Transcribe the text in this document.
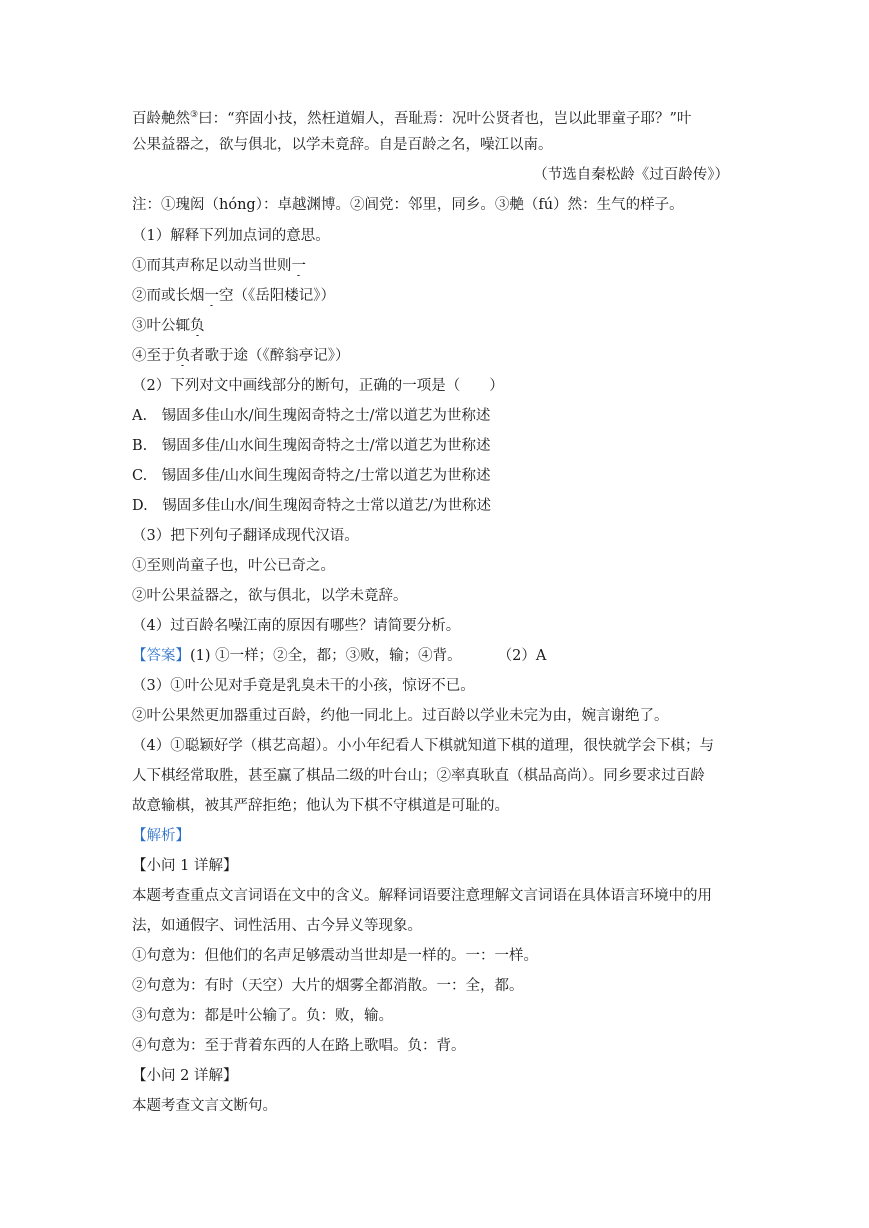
百龄艴然③曰：“弈固小技，然枉道媚人，吾耻焉：况叶公贤者也，岂以此罪童子耶？”叶
公果益器之，欲与俱北，以学未竟辞。自是百龄之名，噪江以南。
（节选自秦松龄《过百龄传》）
注：①瑰闳（hóng）：卓越渊博。②闾党：邻里，同乡。③艴（fú）然：生气的样子。
（1）解释下列加点词的意思。
①而其声称足以动当世则一
②而或长烟一空（《岳阳楼记》）
③叶公辄负
④至于负者歌于途（《醉翁亭记》）
（2）下列对文中画线部分的断句，正确的一项是（　　）
A.　锡固多佳山水/间生瑰闳奇特之士/常以道艺为世称述
B.　锡固多佳/山水间生瑰闳奇特之士/常以道艺为世称述
C.　锡固多佳/山水间生瑰闳奇特之/士常以道艺为世称述
D.　锡固多佳山水/间生瑰闳奇特之士常以道艺/为世称述
（3）把下列句子翻译成现代汉语。
①至则尚童子也，叶公已奇之。
②叶公果益器之，欲与俱北，以学未竟辞。
（4）过百龄名噪江南的原因有哪些？请简要分析。
【答案】(1) ①一样；②全，都；③败，输；④背。 （2）A
（3）①叶公见对手竟是乳臭未干的小孩，惊讶不已。
②叶公果然更加器重过百龄，约他一同北上。过百龄以学业未完为由，婉言谢绝了。
（4）①聪颖好学（棋艺高超）。小小年纪看人下棋就知道下棋的道理，很快就学会下棋；与
人下棋经常取胜，甚至赢了棋品二级的叶台山；②率真耿直（棋品高尚）。同乡要求过百龄
故意输棋，被其严辞拒绝；他认为下棋不守棋道是可耻的。
【解析】
【小问 1 详解】
本题考查重点文言词语在文中的含义。解释词语要注意理解文言词语在具体语言环境中的用
法，如通假字、词性活用、古今异义等现象。
①句意为：但他们的名声足够震动当世却是一样的。一：一样。
②句意为：有时（天空）大片的烟雾全都消散。一：全，都。
③句意为：都是叶公输了。负：败，输。
④句意为：至于背着东西的人在路上歌唱。负：背。
【小问 2 详解】
本题考查文言文断句。
